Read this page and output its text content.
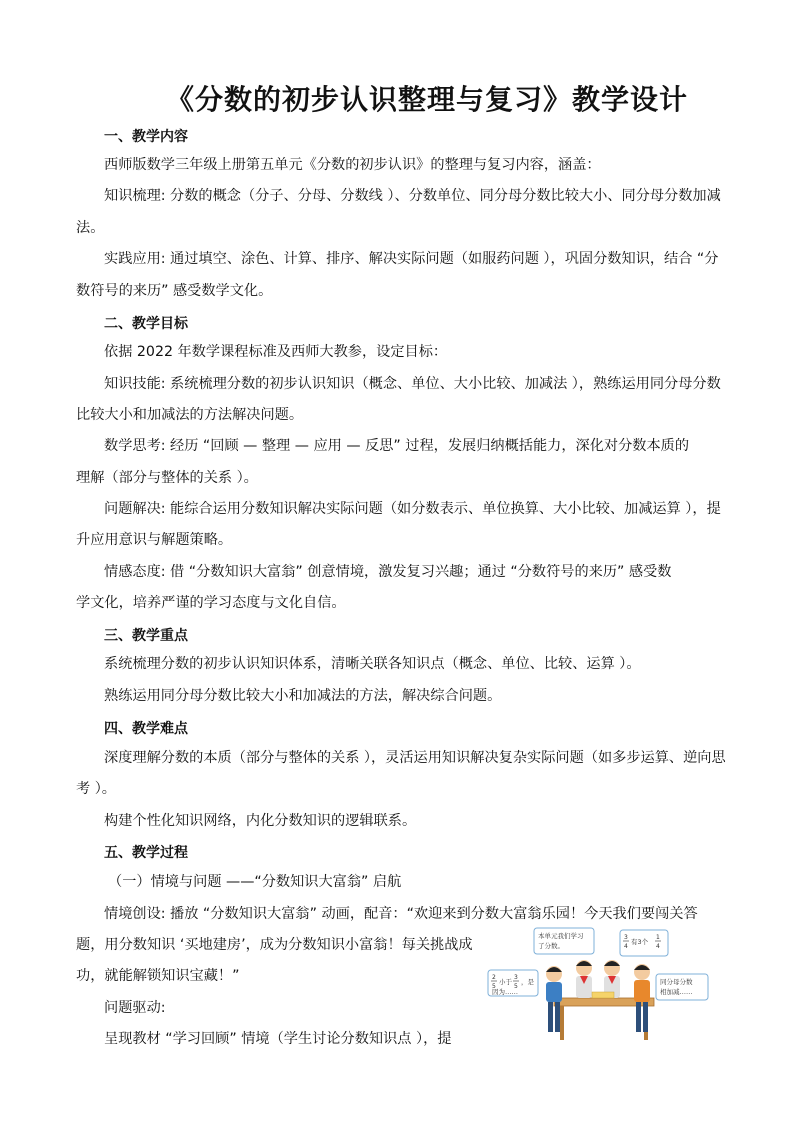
《分数的初步认识整理与复习》教学设计
一、教学内容
西师版数学三年级上册第五单元《分数的初步认识》的整理与复习内容，涵盖：
知识梳理: 分数的概念（分子、分母、分数线 ）、分数单位、同分母分数比较大小、同分母分数加减
法。
实践应用: 通过填空、涂色、计算、排序、解决实际问题（如服药问题 ），巩固分数知识，结合 “分
数符号的来历” 感受数学文化。
二、教学目标
依据 2022 年数学课程标准及西师大教参，设定目标：
知识技能: 系统梳理分数的初步认识知识（概念、单位、大小比较、加减法 ），熟练运用同分母分数
比较大小和加减法的方法解决问题。
数学思考: 经历 “回顾 — 整理 — 应用 — 反思” 过程，发展归纳概括能力，深化对分数本质的
理解（部分与整体的关系 ）。
问题解决: 能综合运用分数知识解决实际问题（如分数表示、单位换算、大小比较、加减运算 ），提
升应用意识与解题策略。
情感态度: 借 “分数知识大富翁” 创意情境，激发复习兴趣；通过 “分数符号的来历” 感受数
学文化，培养严谨的学习态度与文化自信。
三、教学重点
系统梳理分数的初步认识知识体系，清晰关联各知识点（概念、单位、比较、运算 ）。
熟练运用同分母分数比较大小和加减法的方法，解决综合问题。
四、教学难点
深度理解分数的本质（部分与整体的关系 ），灵活运用知识解决复杂实际问题（如多步运算、逆向思
考 ）。
构建个性化知识网络，内化分数知识的逻辑联系。
五、教学过程
（一）情境与问题 ——“分数知识大富翁” 启航
情境创设: 播放 “分数知识大富翁” 动画，配音：“欢迎来到分数大富翁乐园！今天我们要闯关答
题，用分数知识 ‘买地建房’，成为分数知识小富翁！每关挑战成
功，就能解锁知识宝藏！”
问题驱动:
呈现教材 “学习回顾” 情境（学生讨论分数知识点 ），提
本单元我们学习
了分数。
3
4
有3个
1
4
2
5
小于
3
5
，是
因为……
同分母分数
相加减……
